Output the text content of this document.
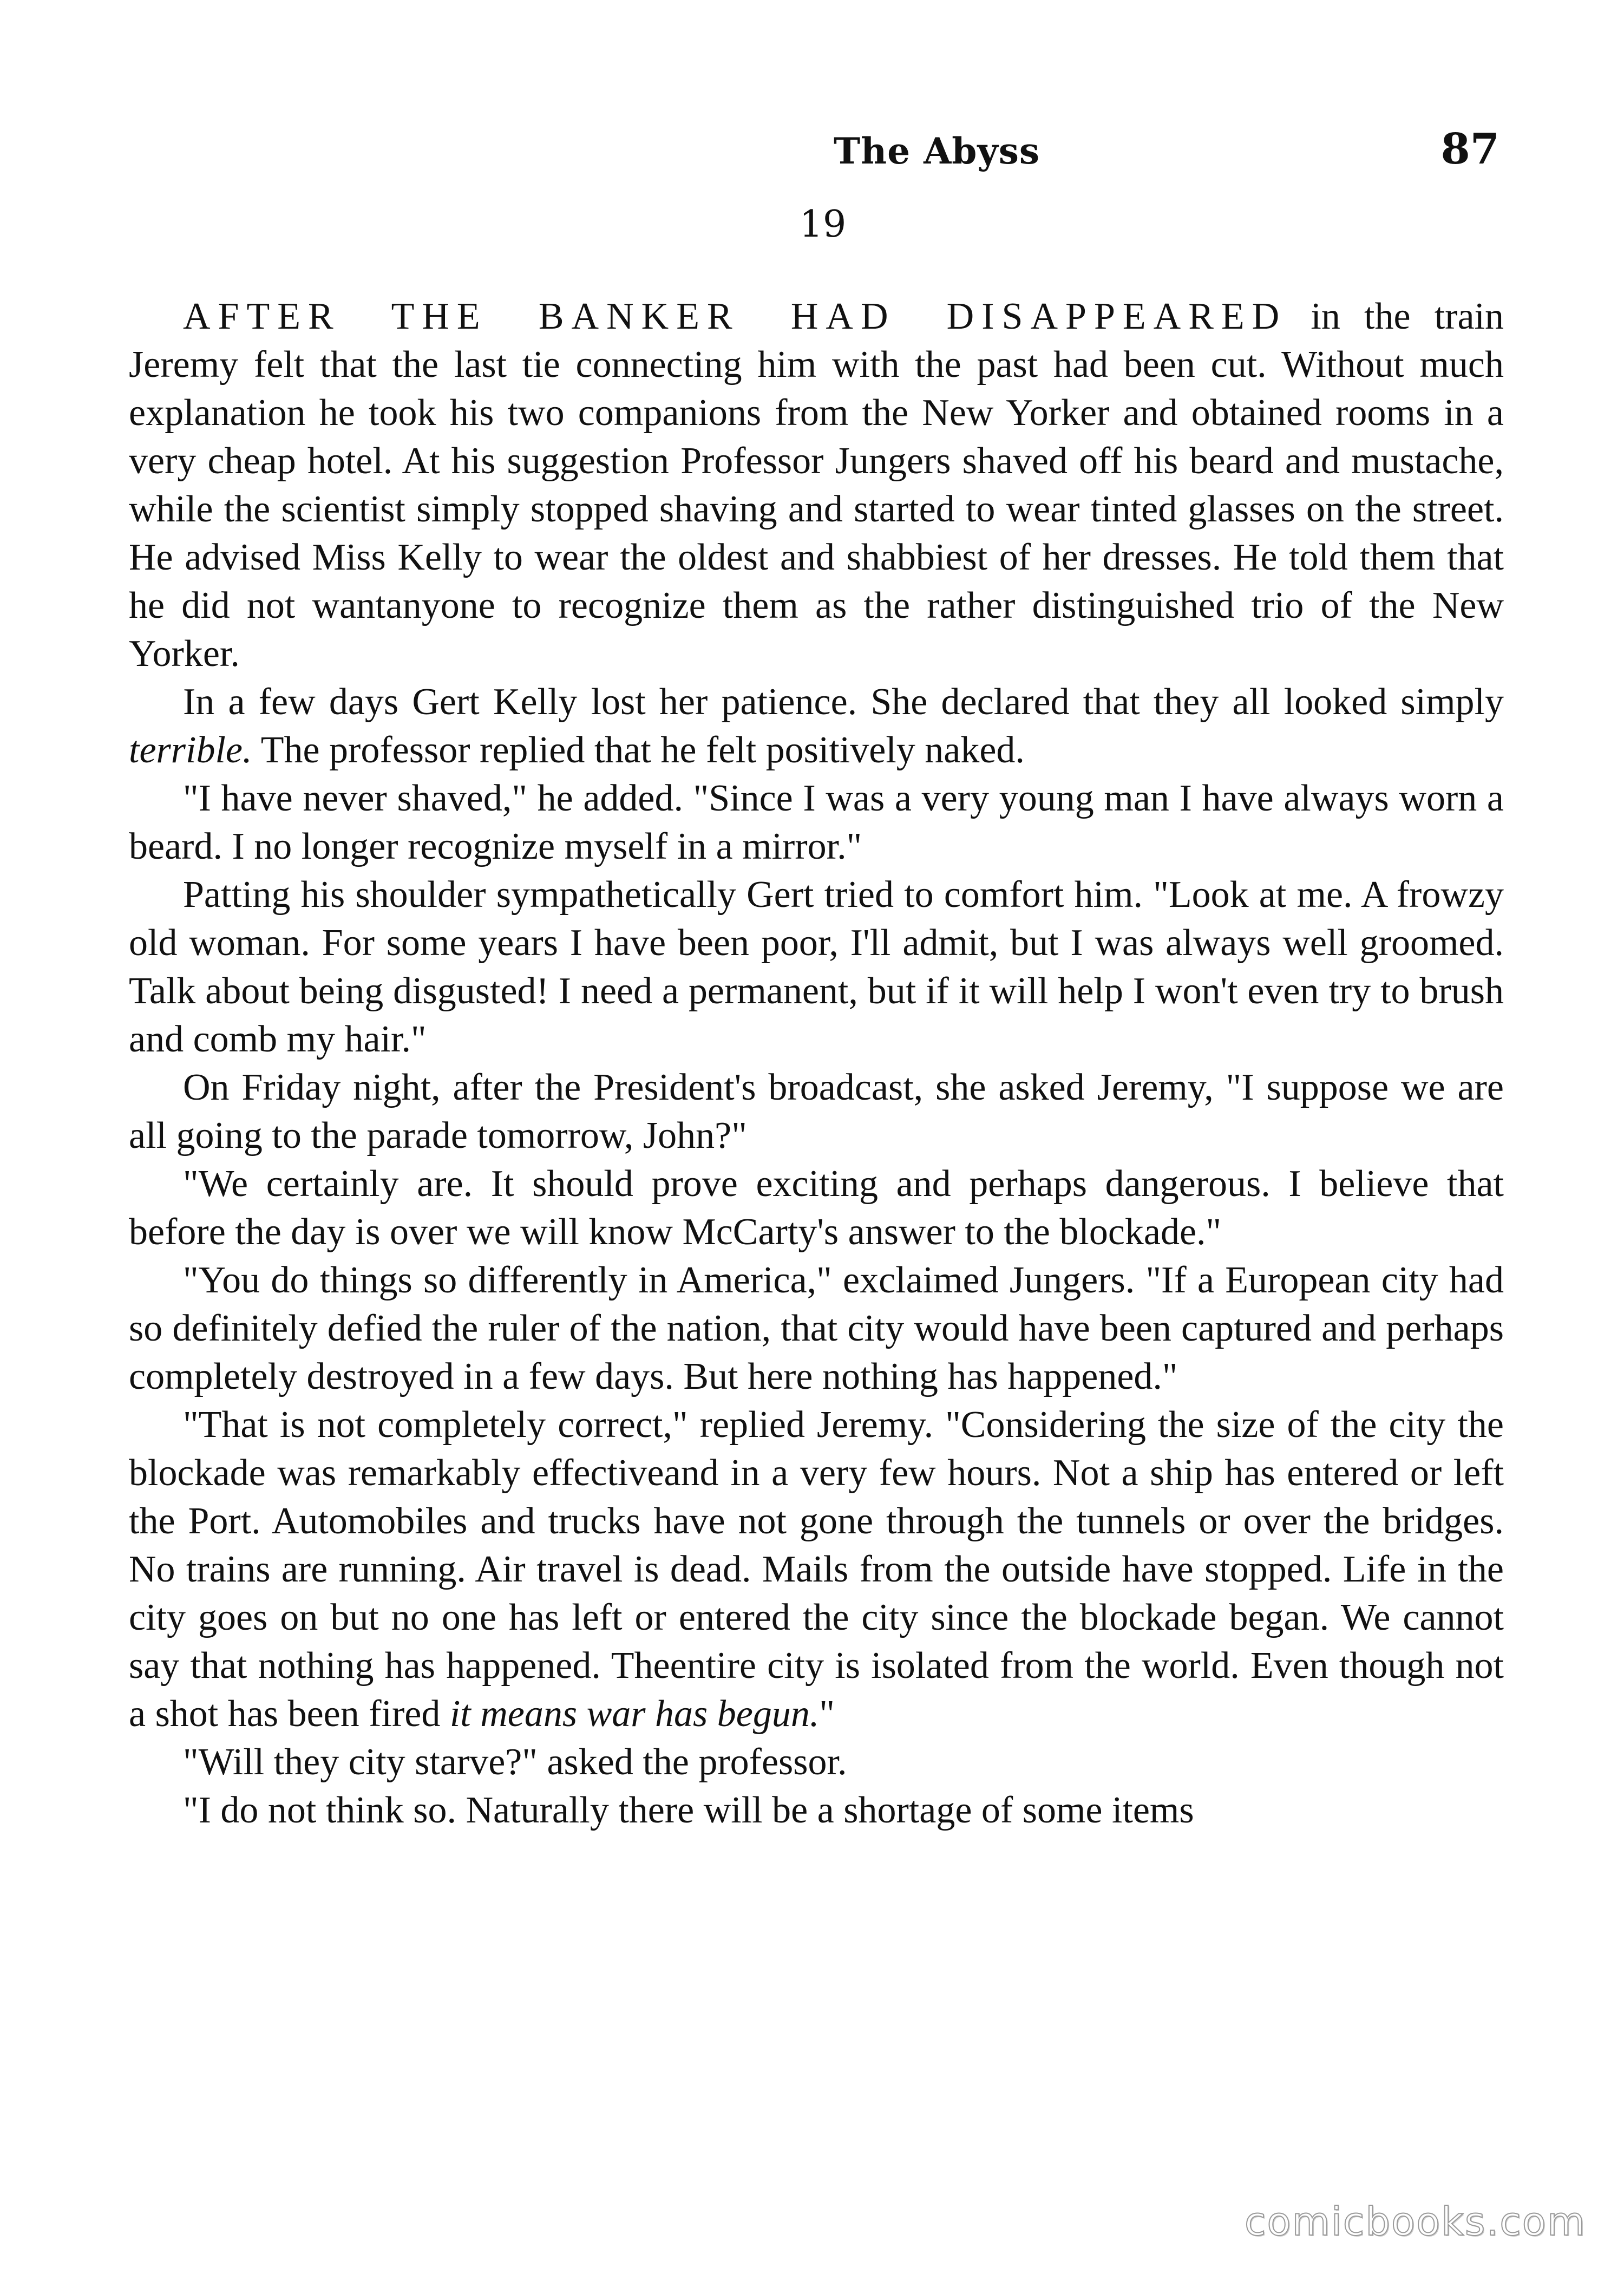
The Abyss	87
19

AFTER THE BANKER HAD DISAPPEARED in the train Jeremy felt that the last tie connecting him with the past had been cut. Without much explanation he took his two companions from the New Yorker and obtained rooms in a very cheap hotel. At his suggestion Professor Jungers shaved off his beard and mustache, while the scientist simply stopped shaving and started to wear tinted glasses on the street. He advised Miss Kelly to wear the oldest and shabbiest of her dresses. He told them that he did not wantanyone to recognize them as the rather distinguished trio of the New Yorker.

In a few days Gert Kelly lost her patience. She declared that they all looked simply terrible. The professor replied that he felt positively naked.

"I have never shaved," he added. "Since I was a very young man I have always worn a beard. I no longer recognize myself in a mirror."

Patting his shoulder sympathetically Gert tried to comfort him. "Look at me. A frowzy old woman. For some years I have been poor, I'll admit, but I was always well groomed. Talk about being disgusted! I need a permanent, but if it will help I won't even try to brush and comb my hair."

On Friday night, after the President's broadcast, she asked Jeremy, "I suppose we are all going to the parade tomorrow, John?"

"We certainly are. It should prove exciting and perhaps dangerous. I believe that before the day is over we will know McCarty's answer to the blockade."

"You do things so differently in America," exclaimed Jungers. "If a European city had so definitely defied the ruler of the nation, that city would have been captured and perhaps completely destroyed in a few days. But here nothing has happened."

"That is not completely correct," replied Jeremy. "Considering the size of the city the blockade was remarkably effectiveand in a very few hours. Not a ship has entered or left the Port. Automobiles and trucks have not gone through the tunnels or over the bridges. No trains are running. Air travel is dead. Mails from the outside have stopped. Life in the city goes on but no one has left or entered the city since the blockade began. We cannot say that nothing has happened. Theentire city is isolated from the world. Even though not a shot has been fired it means war has begun."

"Will they city starve?" asked the professor.

"I do not think so. Naturally there will be a shortage of some items

comicbooks.com
